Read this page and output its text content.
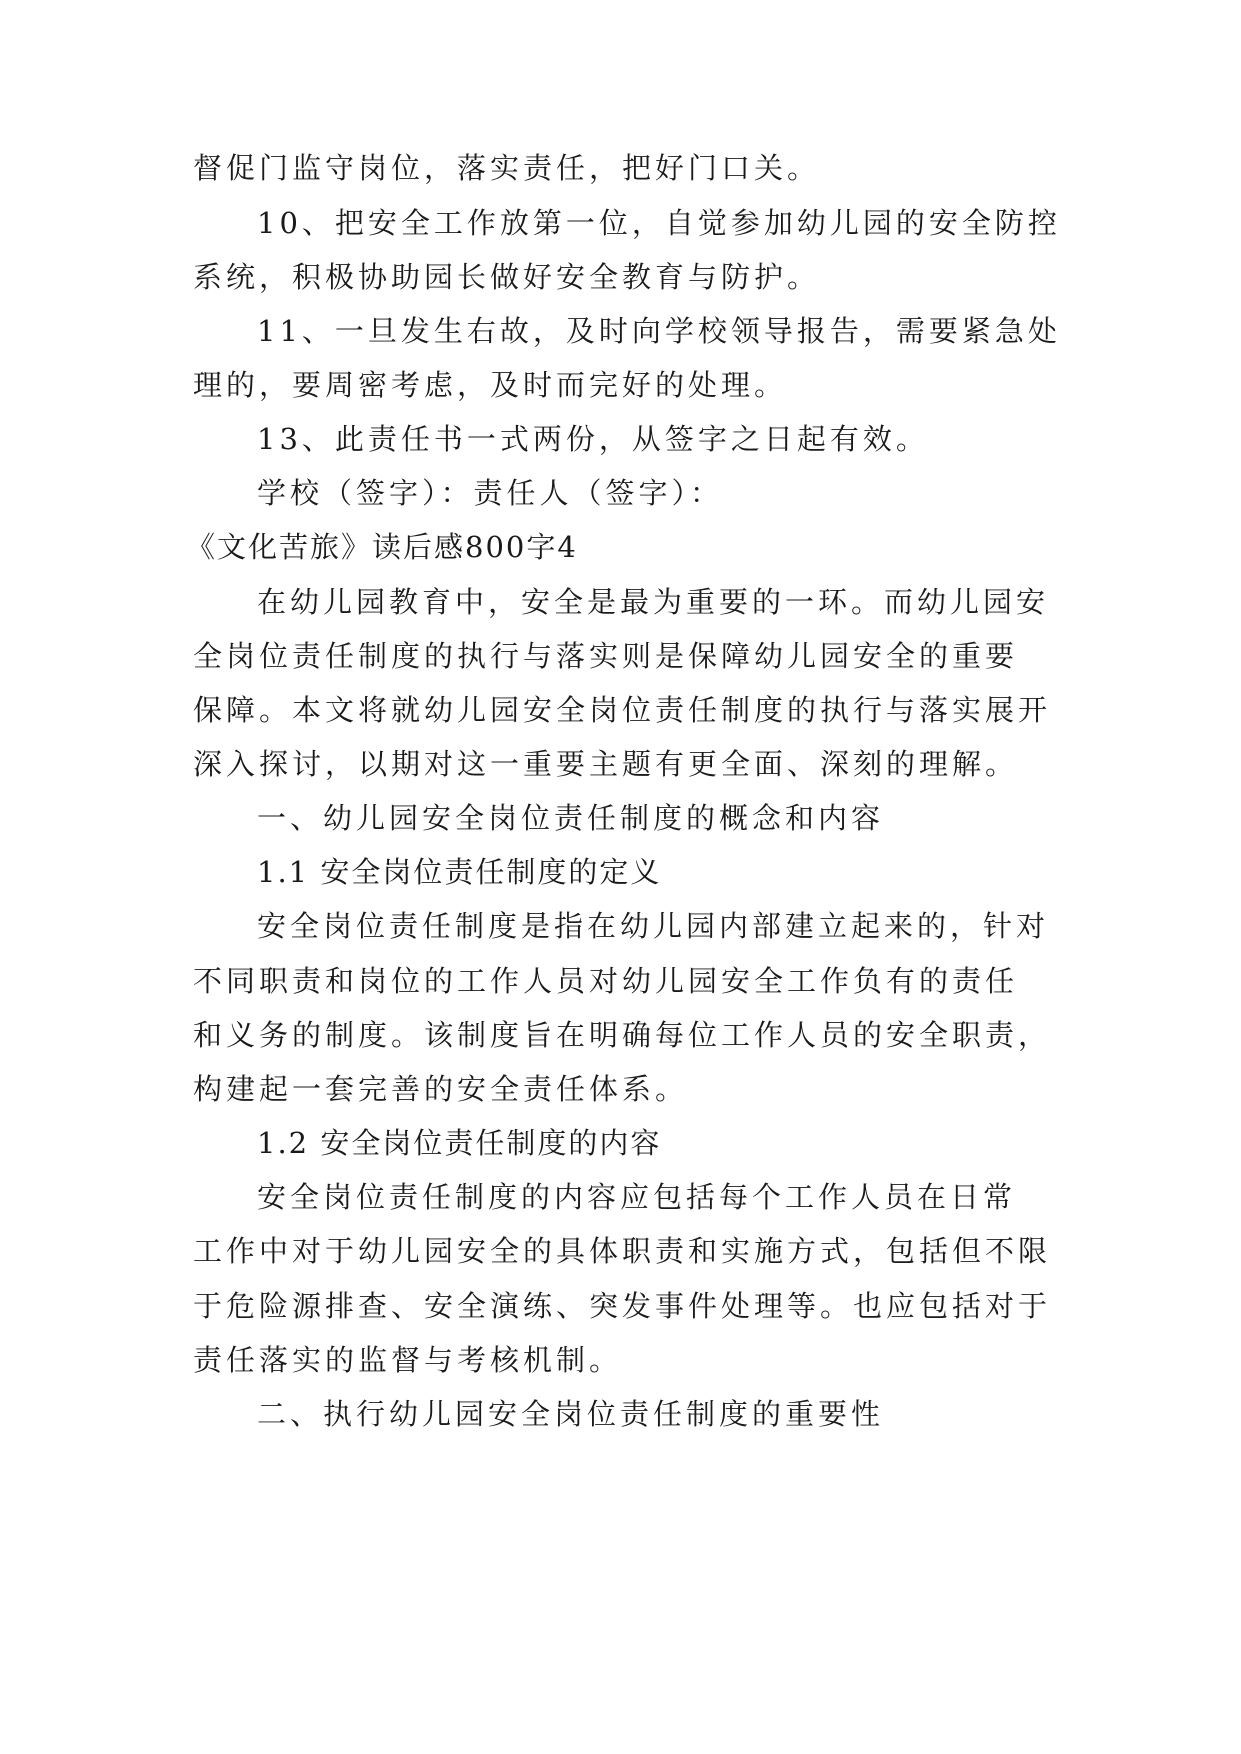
督促门监守岗位，落实责任，把好门口关。
10、把安全工作放第一位，自觉参加幼儿园的安全防控
系统，积极协助园长做好安全教育与防护。
11、一旦发生右故，及时向学校领导报告，需要紧急处
理的，要周密考虑，及时而完好的处理。
13、此责任书一式两份，从签字之日起有效。
学校（签字）：责任人（签字）：
《文化苦旅》读后感800字4
在幼儿园教育中，安全是最为重要的一环。而幼儿园安
全岗位责任制度的执行与落实则是保障幼儿园安全的重要
保障。本文将就幼儿园安全岗位责任制度的执行与落实展开
深入探讨，以期对这一重要主题有更全面、深刻的理解。
一、幼儿园安全岗位责任制度的概念和内容
1.1 安全岗位责任制度的定义
安全岗位责任制度是指在幼儿园内部建立起来的，针对
不同职责和岗位的工作人员对幼儿园安全工作负有的责任
和义务的制度。该制度旨在明确每位工作人员的安全职责，
构建起一套完善的安全责任体系。
1.2 安全岗位责任制度的内容
安全岗位责任制度的内容应包括每个工作人员在日常
工作中对于幼儿园安全的具体职责和实施方式，包括但不限
于危险源排查、安全演练、突发事件处理等。也应包括对于
责任落实的监督与考核机制。
二、执行幼儿园安全岗位责任制度的重要性
